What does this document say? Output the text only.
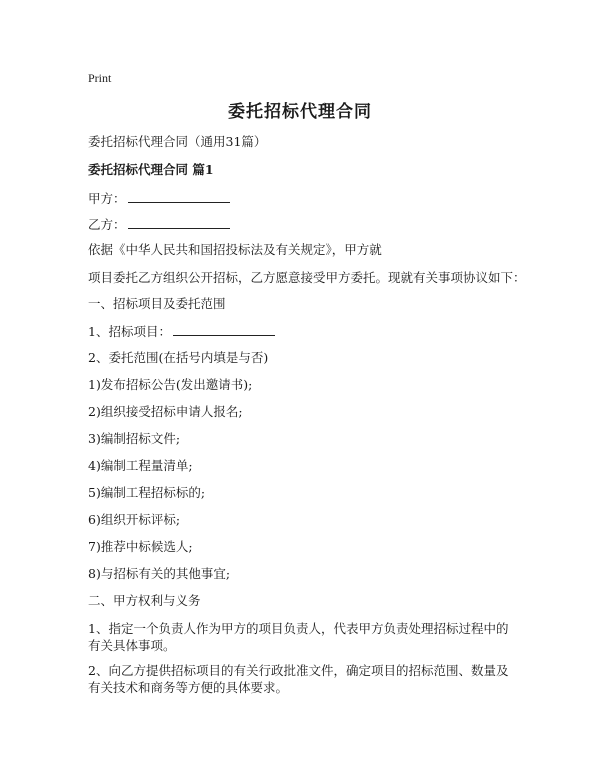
Print
委托招标代理合同
委托招标代理合同（通用31篇）
委托招标代理合同 篇1
甲方：
乙方：
依据《中华人民共和国招投标法及有关规定》，甲方就
项目委托乙方组织公开招标，乙方愿意接受甲方委托。现就有关事项协议如下：
一、招标项目及委托范围
1、招标项目：
2、委托范围(在括号内填是与否)
1)发布招标公告(发出邀请书);
2)组织接受招标申请人报名;
3)编制招标文件;
4)编制工程量清单;
5)编制工程招标标的;
6)组织开标评标;
7)推荐中标候选人;
8)与招标有关的其他事宜;
二、甲方权利与义务
1、指定一个负责人作为甲方的项目负责人，代表甲方负责处理招标过程中的有关具体事项。
2、向乙方提供招标项目的有关行政批准文件，确定项目的招标范围、数量及有关技术和商务等方便的具体要求。
